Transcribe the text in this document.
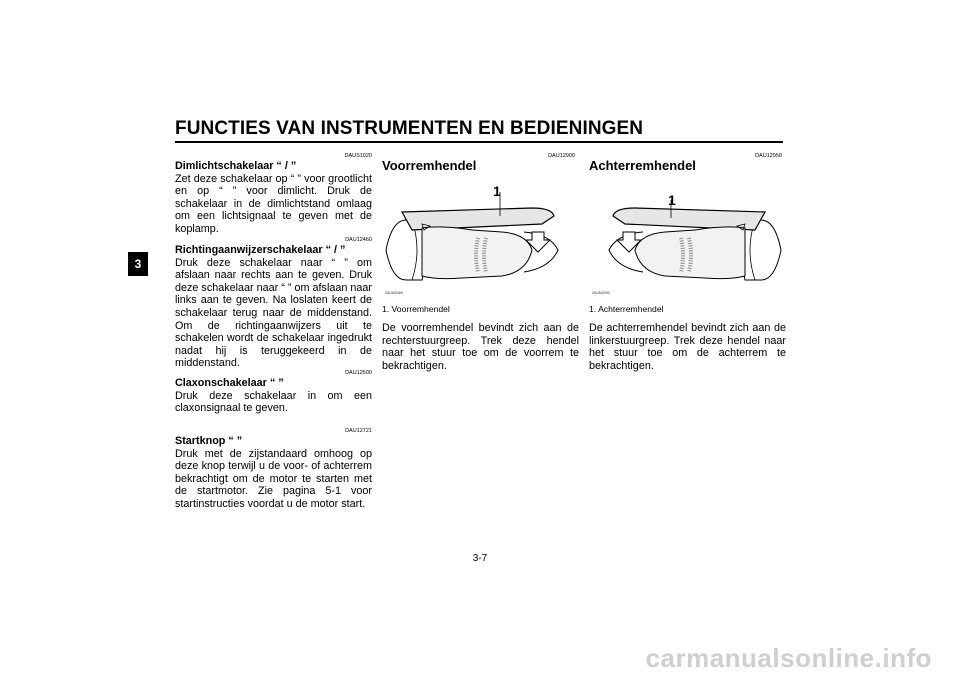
FUNCTIES VAN INSTRUMENTEN EN BEDIENINGEN
3
DAUS1020
Dimlichtschakelaar “ / ”
Zet deze schakelaar op “ ” voor grootlicht en op “ ” voor dimlicht. Druk de schakelaar in de dimlichtstand omlaag om een lichtsignaal te geven met de koplamp.
DAU12460
Richtingaanwijzerschakelaar “ / ”
Druk deze schakelaar naar “ ” om afslaan naar rechts aan te geven. Druk deze schakelaar naar “ ” om afslaan naar links aan te geven. Na loslaten keert de schakelaar terug naar de middenstand. Om de richtingaanwijzers uit te schakelen wordt de schakelaar ingedrukt nadat hij is teruggekeerd in de middenstand.
DAU12500
Claxonschakelaar “ ”
Druk deze schakelaar in om een claxonsignaal te geven.
DAU12721
Startknop “ ”
Druk met de zijstandaard omhoog op deze knop terwijl u de voor- of achterrem bekrachtigt om de motor te starten met de startmotor. Zie pagina 5-1 voor startinstructies voordat u de motor start.
DAU12900
Voorremhendel
1
ZAUM0089
1. Voorremhendel
De voorremhendel bevindt zich aan de rechterstuurgreep. Trek deze hendel naar het stuur toe om de voorrem te bekrachtigen.
DAU12950
Achterremhendel
1
ZAUM0090
1. Achterremhendel
De achterremhendel bevindt zich aan de linkerstuurgreep. Trek deze hendel naar het stuur toe om de achterrem te bekrachtigen.
3-7
carmanualsonline.info
